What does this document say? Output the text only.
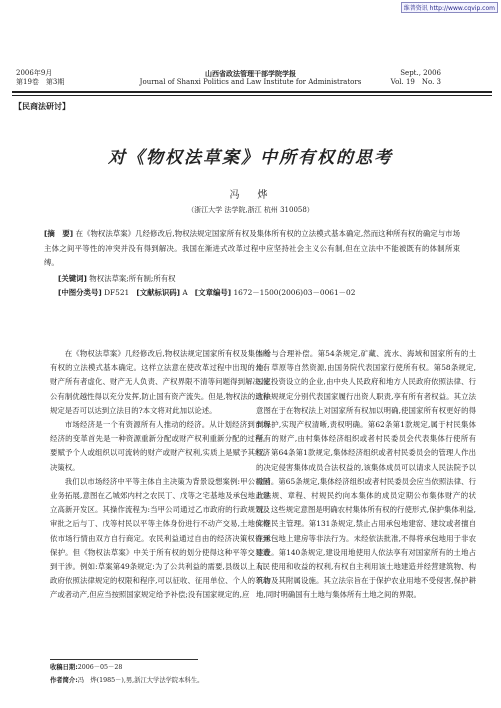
维普资讯 http://www.cqvip.com
2006年9月
第19卷　第3期
山西省政法管理干部学院学报
Journal of Shanxi Politics and Law Institute for Administrators
Sept., 2006
Vol. 19　No. 3
【民商法研讨】
对《物权法草案》中所有权的思考
冯　烨
（浙江大学 法学院,浙江 杭州 310058）
[摘　要] 在《物权法草案》几经修改后,物权法规定国家所有权及集体所有权的立法模式基本确定,然而这种所有权的确定与市场主体之间平等性的冲突并没有得到解决。我国在渐进式改革过程中应坚持社会主义公有制,但在立法中不能被既有的体制所束缚。
[关键词] 物权法草案;所有制;所有权
[中图分类号] DF521 [文献标识码] A [文章编号] 1672－1500(2006)03－0061－02

在《物权法草案》几经修改后,物权法规定国家所有权及集体所有权的立法模式基本确定。这样立法意在使改革过程中出现的公有财产所有者虚化、财产无人负责、产权界限不清等问题得到解决,使公有制优越性得以充分发挥,防止国有资产流失。但是,物权法的这种规定是否可以达到立法目的?本文将对此加以论述。

市场经济是一个有资源所有人推动的经济。从计划经济到市场经济的变革首先是一种资源重新分配或财产权利重新分配的过程。要赋予个人或组织以可流转的财产或财产权利,实质上是赋予其经济决策权。

我们以市场经济中平等主体自主决策为背景设想案例:甲公司因业务拓展,意图在乙城郊内村之农民丁、戊等之宅基地及承包地上建立高新开发区。其操作流程为:当甲公司通过乙市政府的行政规划及审批之后与丁、戊等村民以平等主体身份进行不动产交易,土地价格依市场行情由双方自行商定。农民利益通过自由的经济决策权得到保护。但《物权法草案》中关于所有权的划分使得这种平等交易遭到干涉。例如:草案第49条规定:为了公共利益的需要,县级以上人民政府依照法律规定的权限和程序,可以征收、征用单位、个人的不动产或者动产,但应当按照国家规定给予补偿;没有国家规定的,应

当给与合理补偿。第54条规定,矿藏、流水、海域和国家所有的土地、草原等自然资源,由国务院代表国家行使所有权。第58条规定,国家投资设立的企业,由中央人民政府和地方人民政府依照法律、行政法规规定分别代表国家履行出资人职责,享有所有者权益。其立法意图在于在物权法上对国家所有权加以明确,使国家所有权更好的得到保护,实现产权清晰,责权明确。第62条第1款规定,属于村民集体所有的财产,由村集体经济组织或者村民委员会代表集体行使所有权。第64条第1款规定,集体经济组织或者村民委员会的管理人作出的决定侵害集体成员合法权益的,该集体成员可以请求人民法院予以撤销。第65条规定,集体经济组织或者村民委员会应当依照法律、行政法规、章程、村规民约向本集体的成员定期公布集体财产的状况。这些规定意图是明确农村集体所有权的行使形式,保护集体利益,实现民主管理。第131条规定,禁止占用承包地建窑、建坟或者擅自在承包地上建房等非法行为。未经依法批准,不得将承包地用于非农建设。第140条规定,建设用地使用人依法享有对国家所有的土地占有、使用和收益的权利,有权自主利用该土地建造并经营建筑物、构筑物及其附属设施。其立法宗旨在于保护农业用地不受侵害,保护耕地,同时明确国有土地与集体所有土地之间的界限。

收稿日期:2006－05－28
作者简介:冯　烨(1985－),男,浙江大学法学院本科生。
